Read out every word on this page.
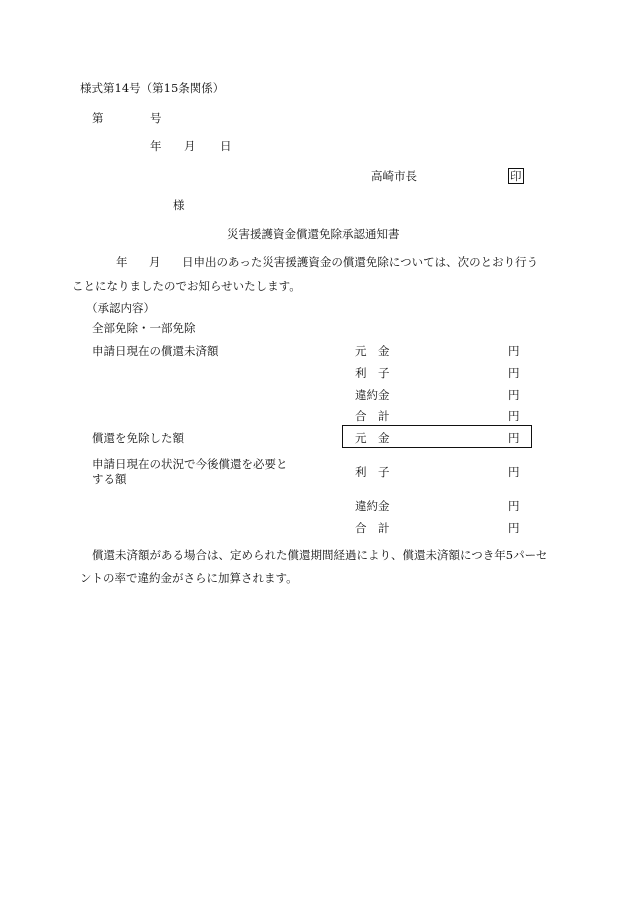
様式第14号（第15条関係）
第	号
年 月 日
高崎市長	印
様
災害援護資金償還免除承認通知書
年 月 日申出のあった災害援護資金の償還免除については、次のとおり行う
ことになりましたのでお知らせいたします。
（承認内容）
全部免除・一部免除
申請日現在の償還未済額	元　金	円
利　子	円
違約金	円
合　計	円
償還を免除した額	元　金	円
申請日現在の状況で今後償還を必要と
する額	利　子	円
違約金	円
合　計	円
償還未済額がある場合は、定められた償還期間経過により、償還未済額につき年5パーセ
ントの率で違約金がさらに加算されます。
